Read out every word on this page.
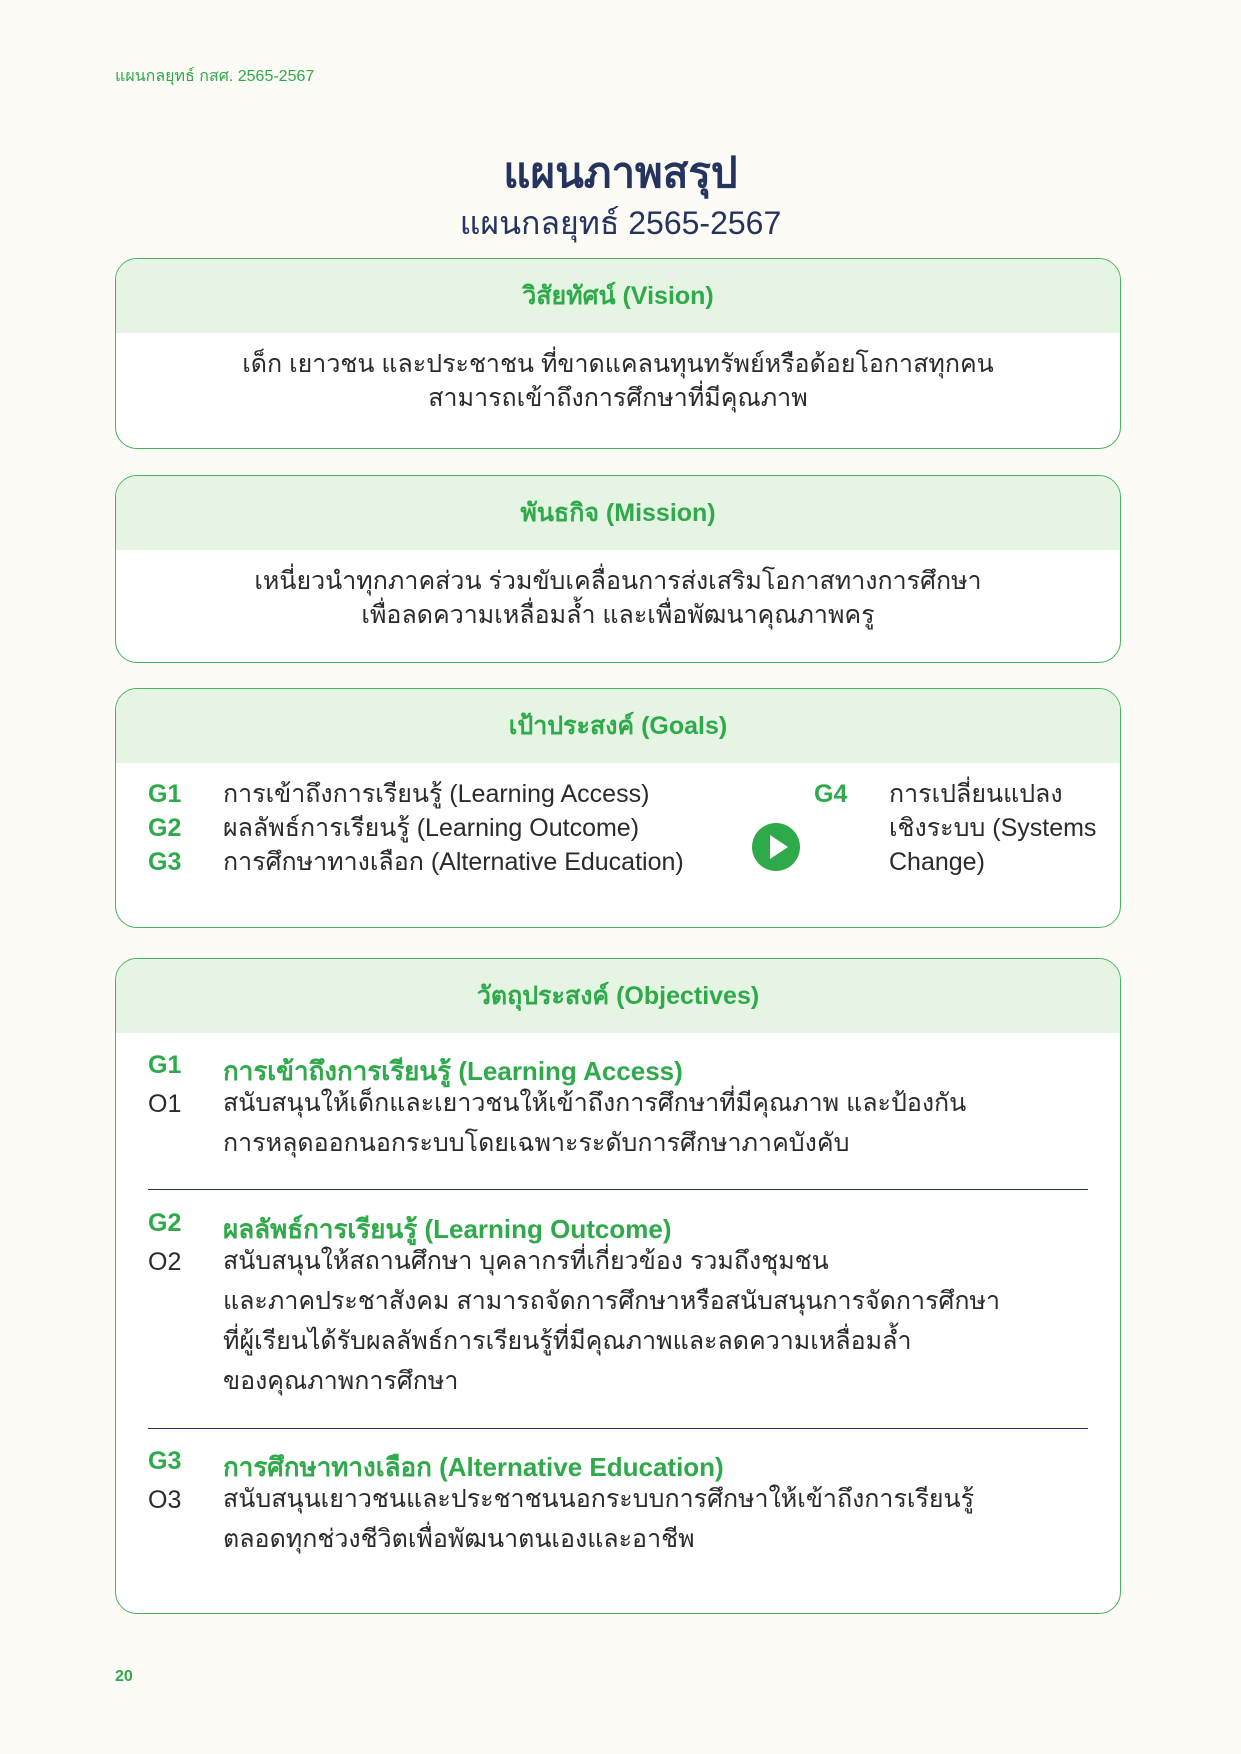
แผนกลยุทธ์ กสศ. 2565-2567
แผนภาพสรุป
แผนกลยุทธ์ 2565-2567
วิสัยทัศน์ (Vision)
เด็ก เยาวชน และประชาชน ที่ขาดแคลนทุนทรัพย์หรือด้อยโอกาสทุกคน
สามารถเข้าถึงการศึกษาที่มีคุณภาพ
พันธกิจ (Mission)
เหนี่ยวนำทุกภาคส่วน ร่วมขับเคลื่อนการส่งเสริมโอกาสทางการศึกษา
เพื่อลดความเหลื่อมล้ำ และเพื่อพัฒนาคุณภาพครู
เป้าประสงค์ (Goals)
G1 การเข้าถึงการเรียนรู้ (Learning Access)
G2 ผลลัพธ์การเรียนรู้ (Learning Outcome)
G3 การศึกษาทางเลือก (Alternative Education)
G4 การเปลี่ยนแปลง
เชิงระบบ (Systems
Change)
วัตถุประสงค์ (Objectives)
G1 การเข้าถึงการเรียนรู้ (Learning Access)
O1 สนับสนุนให้เด็กและเยาวชนให้เข้าถึงการศึกษาที่มีคุณภาพ และป้องกัน
การหลุดออกนอกระบบโดยเฉพาะระดับการศึกษาภาคบังคับ
G2 ผลลัพธ์การเรียนรู้ (Learning Outcome)
O2 สนับสนุนให้สถานศึกษา บุคลากรที่เกี่ยวข้อง รวมถึงชุมชน
และภาคประชาสังคม สามารถจัดการศึกษาหรือสนับสนุนการจัดการศึกษา
ที่ผู้เรียนได้รับผลลัพธ์การเรียนรู้ที่มีคุณภาพและลดความเหลื่อมล้ำ
ของคุณภาพการศึกษา
G3 การศึกษาทางเลือก (Alternative Education)
O3 สนับสนุนเยาวชนและประชาชนนอกระบบการศึกษาให้เข้าถึงการเรียนรู้
ตลอดทุกช่วงชีวิตเพื่อพัฒนาตนเองและอาชีพ
20
